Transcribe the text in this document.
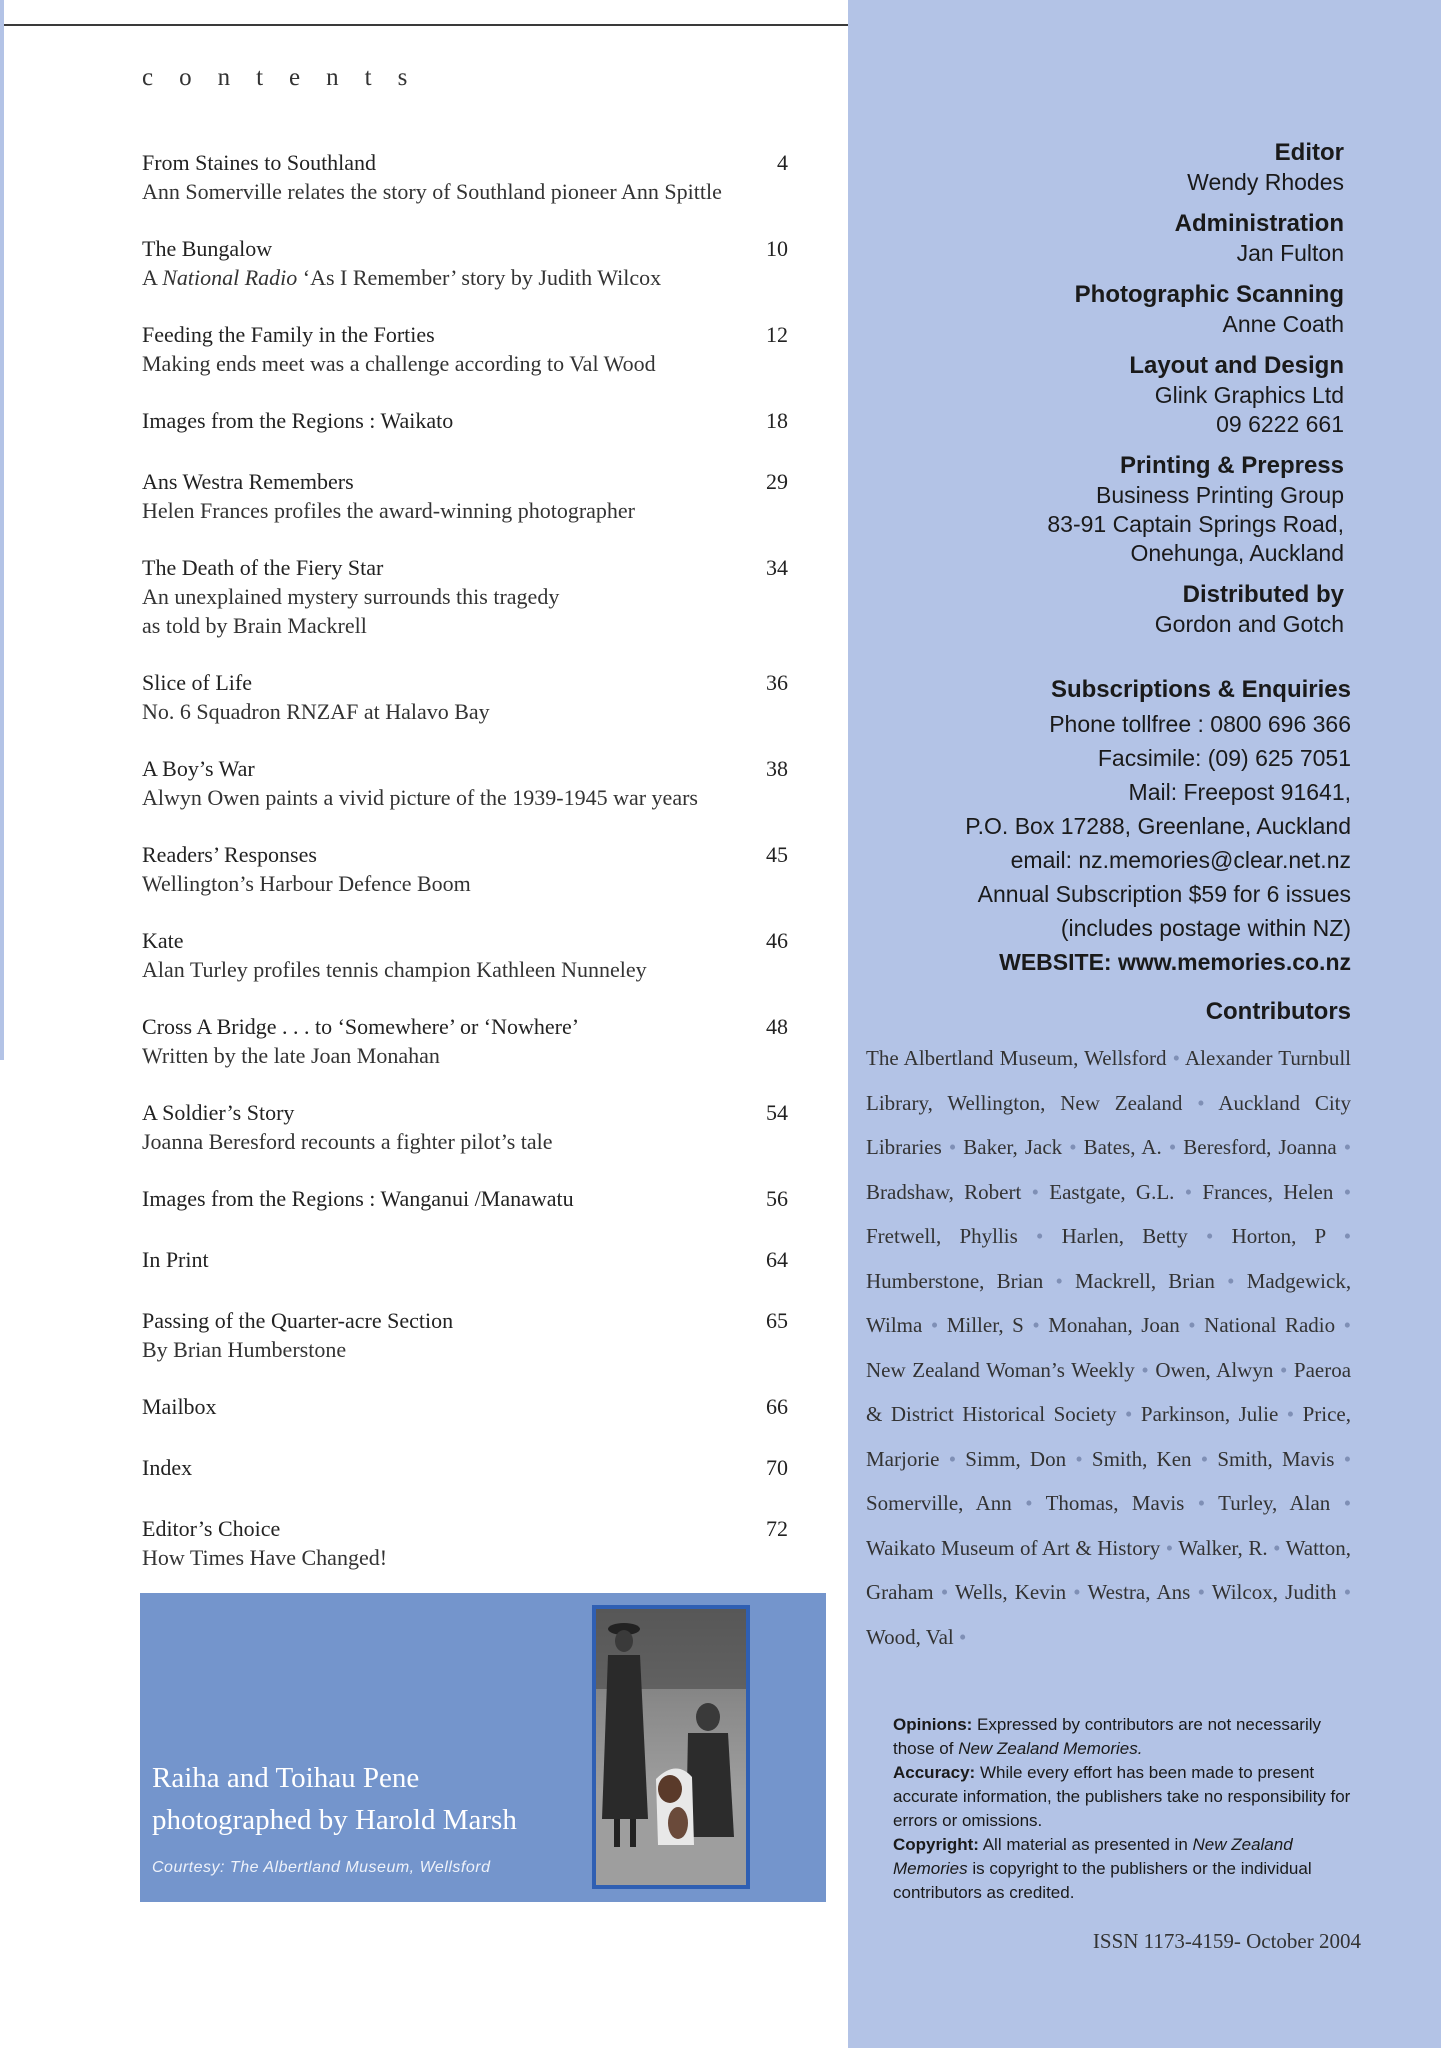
contents
From Staines to Southland	4
Ann Somerville relates the story of Southland pioneer Ann Spittle
The Bungalow	10
A National Radio ‘As I Remember’ story by Judith Wilcox
Feeding the Family in the Forties	12
Making ends meet was a challenge according to Val Wood
Images from the Regions : Waikato	18
Ans Westra Remembers	29
Helen Frances profiles the award-winning photographer
The Death of the Fiery Star	34
An unexplained mystery surrounds this tragedy
as told by Brain Mackrell
Slice of Life	36
No. 6 Squadron RNZAF at Halavo Bay
A Boy’s War	38
Alwyn Owen paints a vivid picture of the 1939-1945 war years
Readers’ Responses	45
Wellington’s Harbour Defence Boom
Kate	46
Alan Turley profiles tennis champion Kathleen Nunneley
Cross A Bridge . . . to ‘Somewhere’ or ‘Nowhere’	48
Written by the late Joan Monahan
A Soldier’s Story	54
Joanna Beresford recounts a fighter pilot’s tale
Images from the Regions : Wanganui /Manawatu	56
In Print	64
Passing of the Quarter-acre Section	65
By Brian Humberstone
Mailbox	66
Index	70
Editor’s Choice	72
How Times Have Changed!
Raiha and Toihau Pene
photographed by Harold Marsh
Courtesy: The Albertland Museum, Wellsford
Editor
Wendy Rhodes
Administration
Jan Fulton
Photographic Scanning
Anne Coath
Layout and Design
Glink Graphics Ltd
09 6222 661
Printing & Prepress
Business Printing Group
83-91 Captain Springs Road,
Onehunga, Auckland
Distributed by
Gordon and Gotch
Subscriptions & Enquiries
Phone tollfree : 0800 696 366
Facsimile: (09) 625 7051
Mail: Freepost 91641,
P.O. Box 17288, Greenlane, Auckland
email: nz.memories@clear.net.nz
Annual Subscription $59 for 6 issues
(includes postage within NZ)
WEBSITE: www.memories.co.nz
Contributors
The Albertland Museum, Wellsford • Alexander Turnbull Library, Wellington, New Zealand • Auckland City Libraries • Baker, Jack • Bates, A. • Beresford, Joanna • Bradshaw, Robert • Eastgate, G.L. • Frances, Helen • Fretwell, Phyllis • Harlen, Betty • Horton, P • Humberstone, Brian • Mackrell, Brian • Madgewick, Wilma • Miller, S • Monahan, Joan • National Radio • New Zealand Woman’s Weekly • Owen, Alwyn • Paeroa & District Historical Society • Parkinson, Julie • Price, Marjorie • Simm, Don • Smith, Ken • Smith, Mavis • Somerville, Ann • Thomas, Mavis • Turley, Alan • Waikato Museum of Art & History • Walker, R. • Watton, Graham • Wells, Kevin • Westra, Ans • Wilcox, Judith • Wood, Val •

Opinions: Expressed by contributors are not necessarily those of New Zealand Memories.

Accuracy: While every effort has been made to present accurate information, the publishers take no responsibility for errors or omissions.

Copyright: All material as presented in New Zealand Memories is copyright to the publishers or the individual contributors as credited.

ISSN 1173-4159- October 2004
